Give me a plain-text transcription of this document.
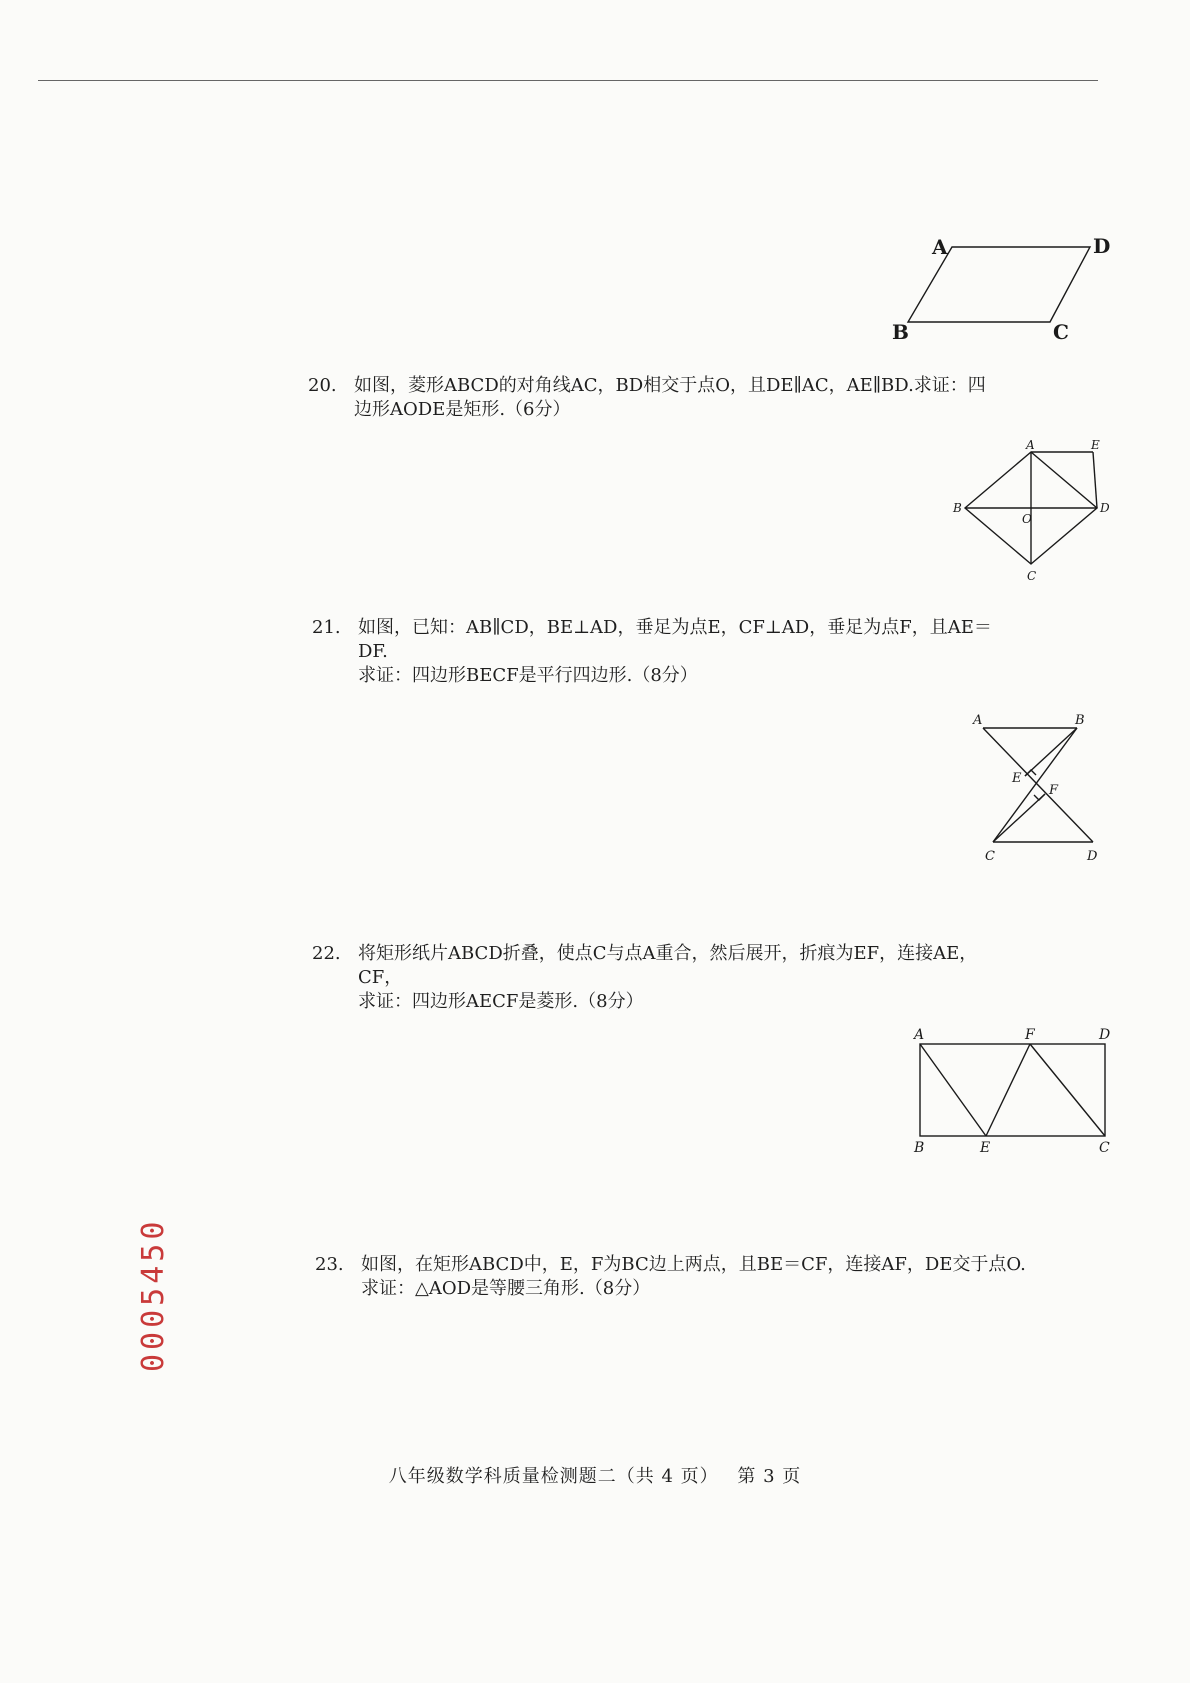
A	D
B	C
20. 如图，菱形ABCD的对角线AC，BD相交于点O，且DE∥AC，AE∥BD.求证：四
边形AODE是矩形.（6分）
A	E
B
O
D
C
21. 如图，已知：AB∥CD，BE⊥AD，垂足为点E，CF⊥AD，垂足为点F，且AE＝
DF.
求证：四边形BECF是平行四边形.（8分）
A	B
E
F
C	D
22. 将矩形纸片ABCD折叠，使点C与点A重合，然后展开，折痕为EF，连接AE，
CF，
求证：四边形AECF是菱形.（8分）
A	F	D
B	E	C
23. 如图，在矩形ABCD中，E，F为BC边上两点，且BE＝CF，连接AF，DE交于点O.
求证：△AOD是等腰三角形.（8分）
0005450
八年级数学科质量检测题二（共 4 页） 第 3 页
